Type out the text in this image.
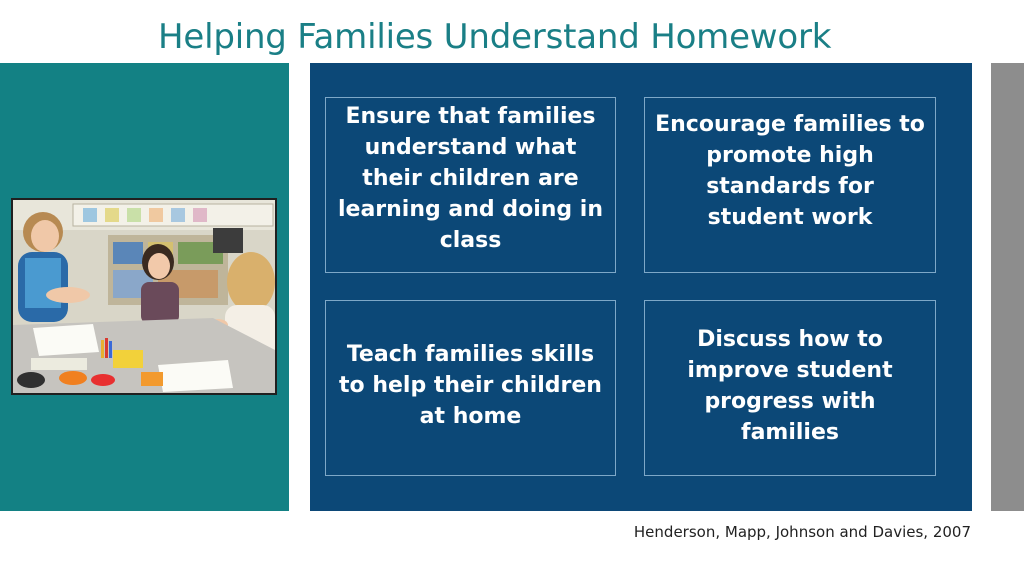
Helping Families Understand Homework
Ensure that families understand what their children are learning and doing in class
Encourage families to promote high standards for student work
Teach families skills to help their children at home
Discuss how to improve student progress with families
Henderson, Mapp, Johnson and Davies, 2007
